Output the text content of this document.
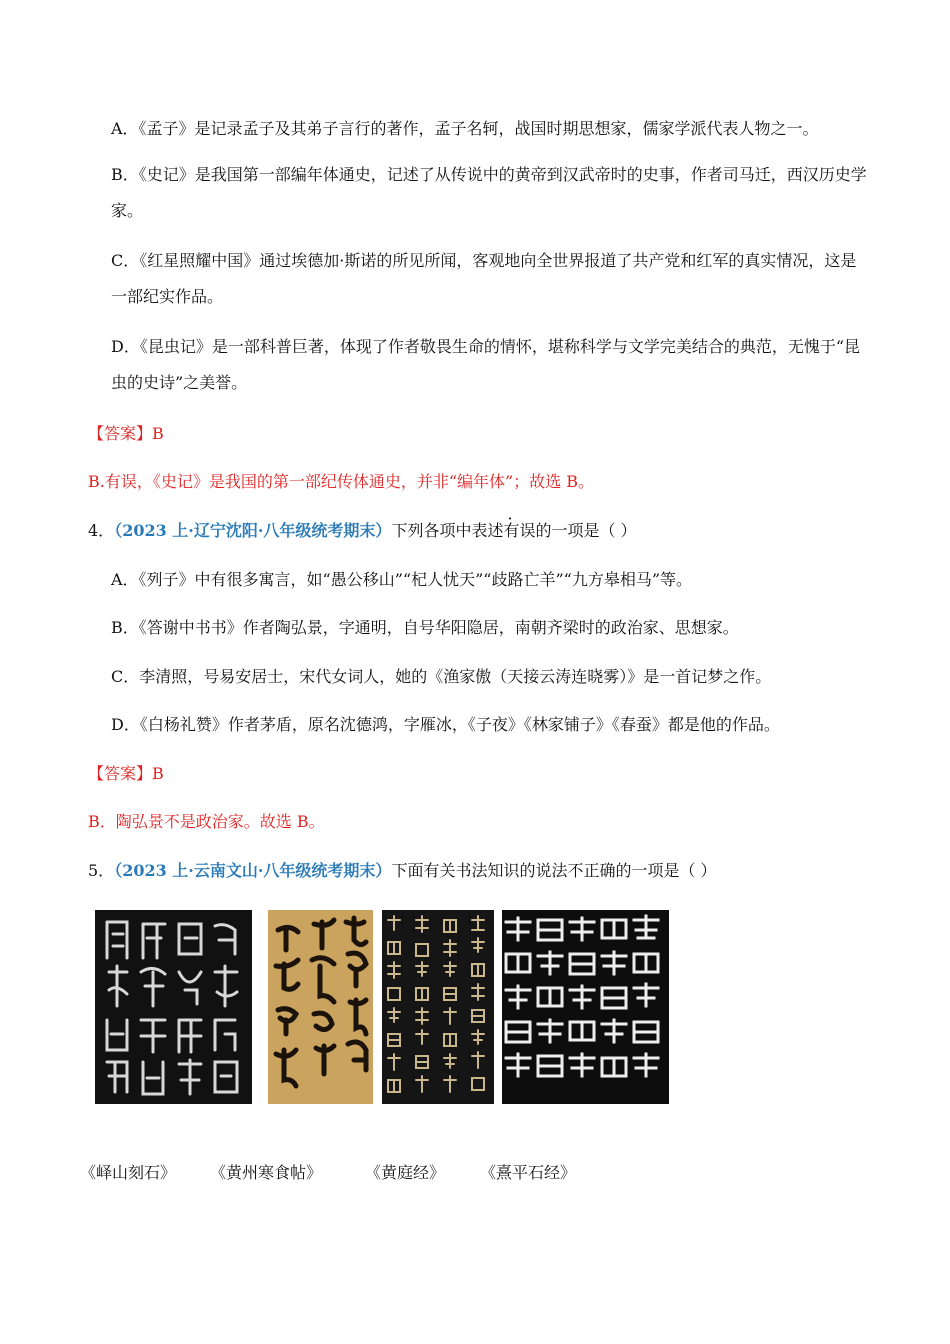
A．《孟子》是记录孟子及其弟子言行的著作，孟子名轲，战国时期思想家，儒家学派代表人物之一。
B．《史记》是我国第一部编年体通史，记述了从传说中的黄帝到汉武帝时的史事，作者司马迁，西汉历史学家。
C．《红星照耀中国》通过埃德加·斯诺的所见所闻，客观地向全世界报道了共产党和红军的真实情况，这是一部纪实作品。
D．《昆虫记》是一部科普巨著，体现了作者敬畏生命的情怀，堪称科学与文学完美结合的典范，无愧于“昆虫的史诗”之美誉。
【答案】B
B.有误，《史记》是我国的第一部纪传体通史，并非“编年体”；故选 B。
4．（2023 上·辽宁沈阳·八年级统考期末）下列各项中表述有误的一项是（ ）
A．《列子》中有很多寓言，如“愚公移山”“杞人忧天”“歧路亡羊”“九方皋相马”等。
B．《答谢中书书》作者陶弘景，字通明，自号华阳隐居，南朝齐梁时的政治家、思想家。
C．李清照，号易安居士，宋代女词人，她的《渔家傲（天接云涛连晓雾）》是一首记梦之作。
D．《白杨礼赞》作者茅盾，原名沈德鸿，字雁冰，《子夜》《林家铺子》《春蚕》都是他的作品。
【答案】B
B．陶弘景不是政治家。故选 B。
5．（2023 上·云南文山·八年级统考期末）下面有关书法知识的说法不正确的一项是（ ）
《峄山刻石》 《黄州寒食帖》	《黄庭经》 《熹平石经》
